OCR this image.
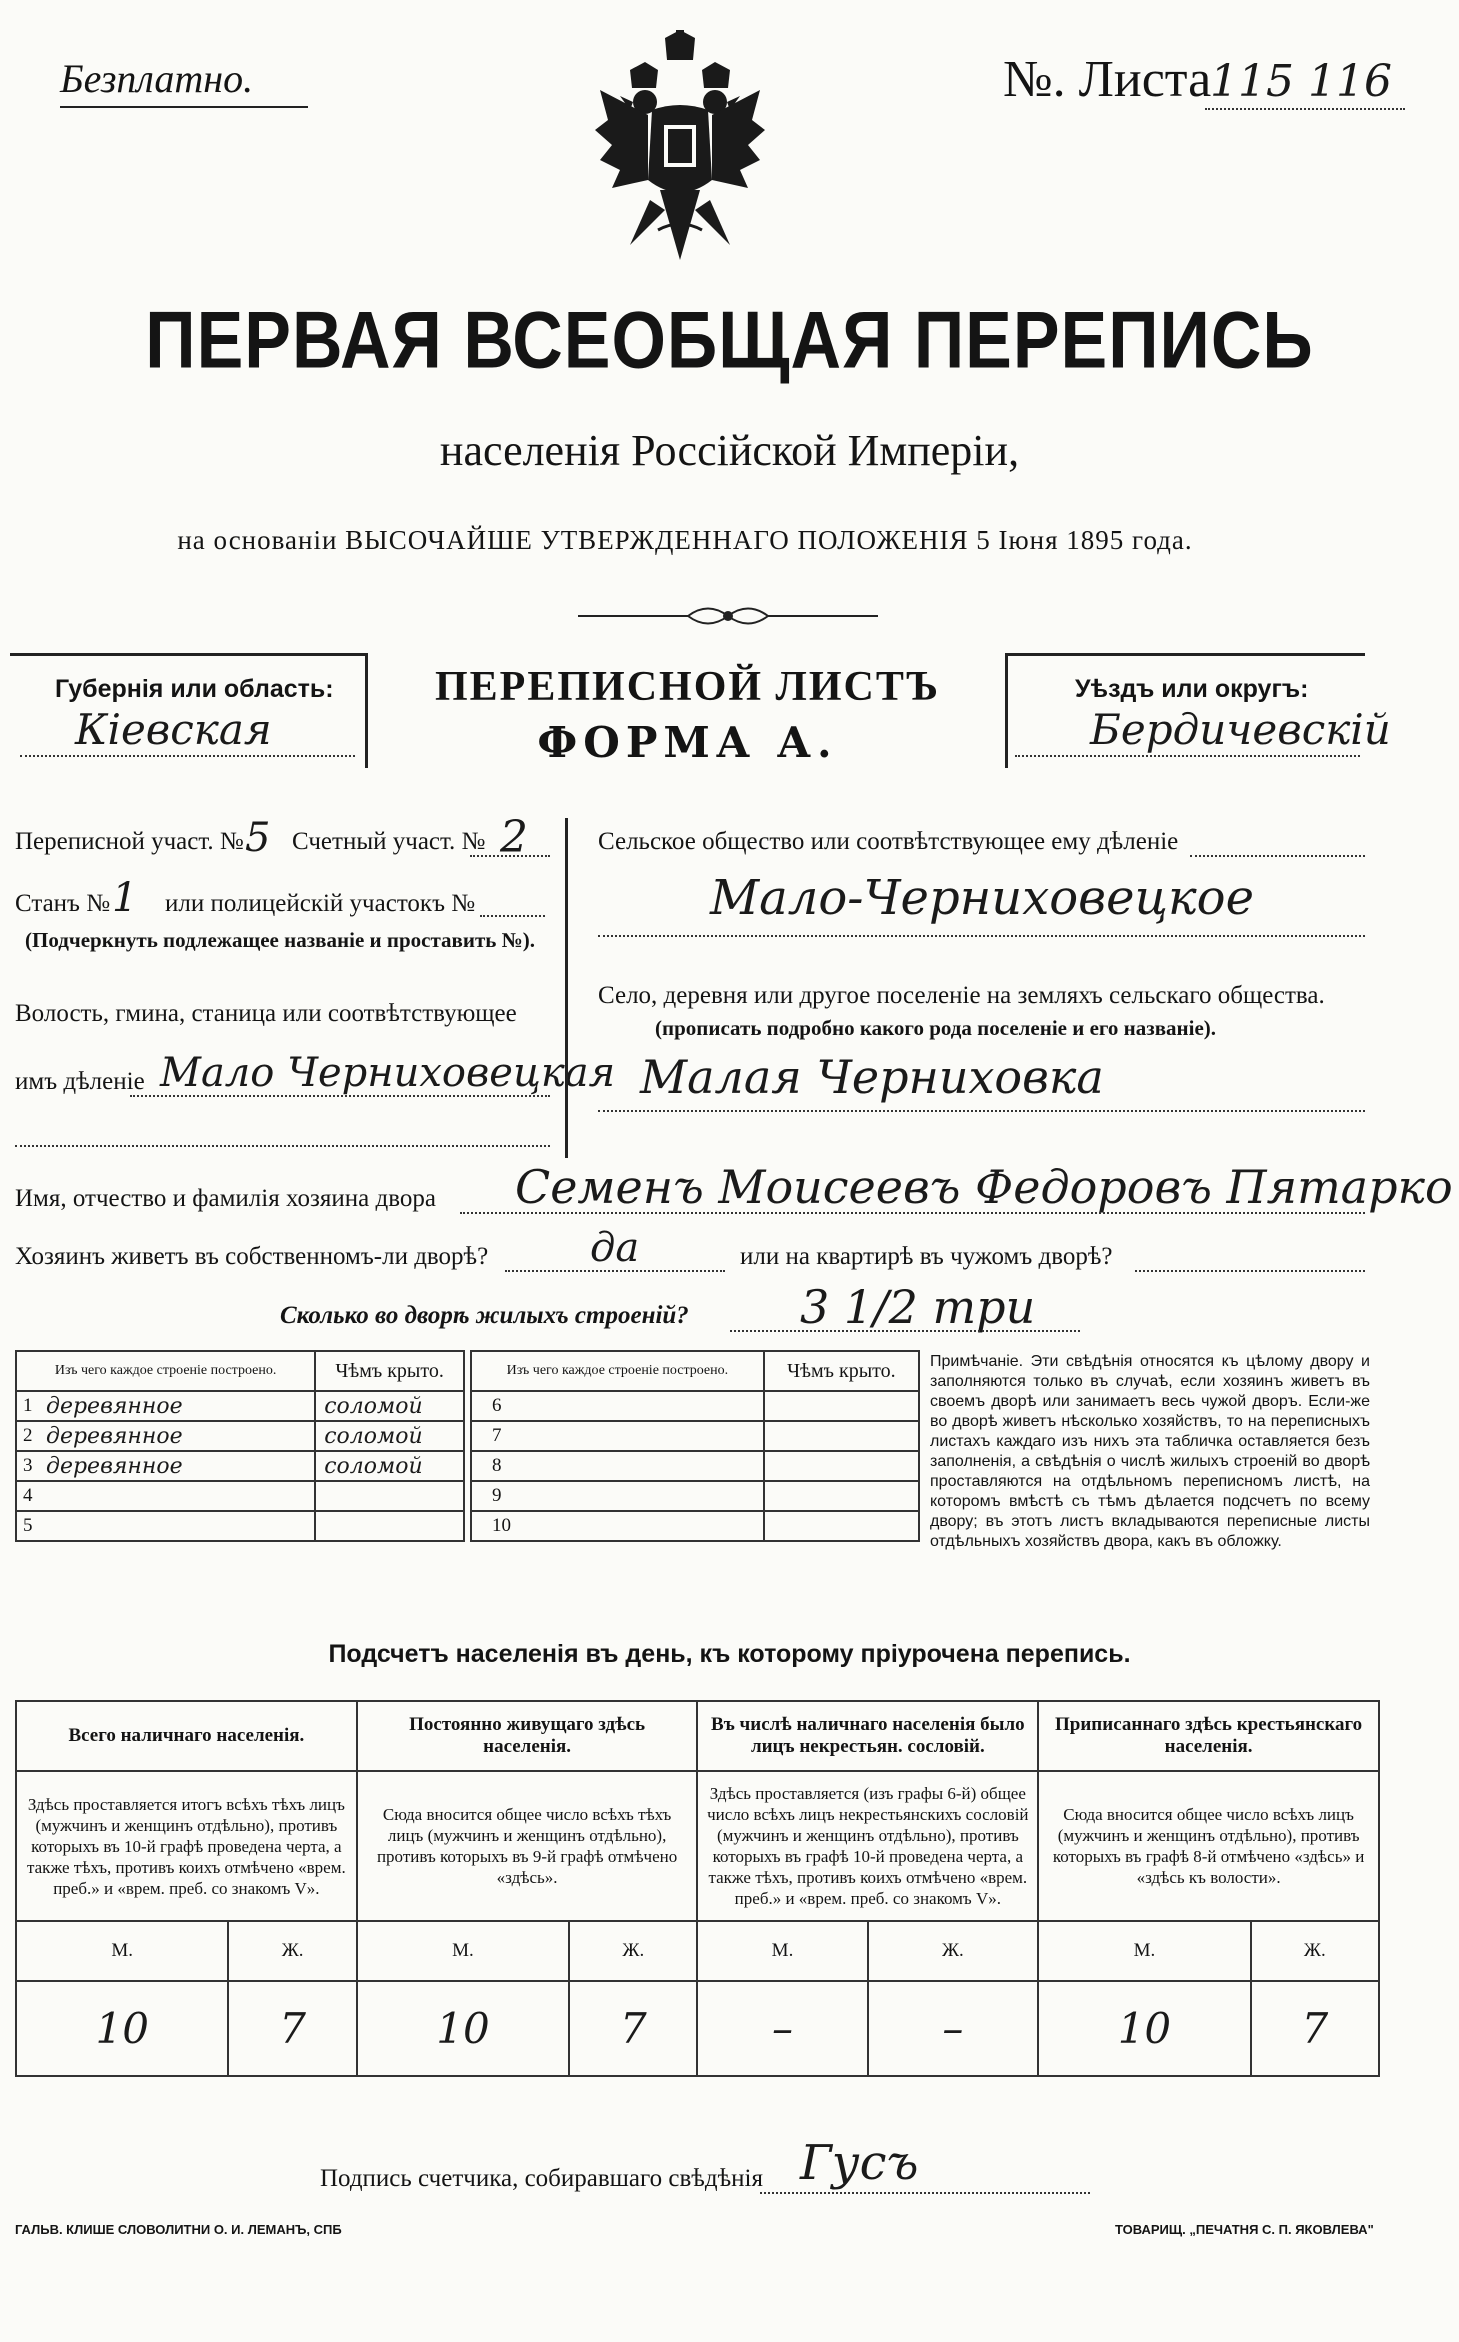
Безплатно.	№. Листа
115 116
ПЕРВАЯ ВСЕОБЩАЯ ПЕРЕПИСЬ
населенія Россійской Имперіи,
на основаніи ВЫСОЧАЙШЕ УТВЕРЖДЕННАГО ПОЛОЖЕНІЯ 5 Іюня 1895 года.
Губернія или область:
Кіевская
ПЕРЕПИСНОЙ ЛИСТЪ
ФОРМА А.
Уѣздъ или округъ:
Бердичевскій
Переписной участ. № 5 Счетный участ. № 2
Станъ № 1 или полицейскій участокъ №
(Подчеркнуть подлежащее названіе и проставить №).
Волость, гмина, станица или соотвѣтствующее
имъ дѣленіе Мало Черниховецкая
Сельское общество или соотвѣтствующее ему дѣленіе
Мало-Черниховецкое
Село, деревня или другое поселеніе на земляхъ сельскаго общества.
(прописать подробно какого рода поселеніе и его названіе).
Малая Черниховка
Имя, отчество и фамилія хозяина двора Семенъ Моисеевъ Федоровъ Пятарко
Хозяинъ живетъ въ собственномъ-ли дворѣ?	да	или на квартирѣ въ чужомъ дворѣ?
Сколько во дворѣ жилыхъ строеній? 3 1/2 три
Изъ чего каждое строеніе построено.		Чѣмъ крыто.
1	деревянное	соломой
2	деревянное	соломой
3	деревянное	соломой
4		
5		
Изъ чего каждое строеніе построено.		Чѣмъ крыто.
6		
7		
8		
9		
10		
Примѣчаніе. Эти свѣдѣнія относятся къ цѣлому двору и заполняются только въ случаѣ, если хозяинъ живетъ въ своемъ дворѣ или занимаетъ весь чужой дворъ. Если-же во дворѣ живетъ нѣсколько хозяйствъ, то на переписныхъ листахъ каждаго изъ нихъ эта табличка оставляется безъ заполненія, а свѣдѣнія о числѣ жилыхъ строеній во дворѣ проставляются на отдѣльномъ переписномъ листѣ, на которомъ вмѣстѣ съ тѣмъ дѣлается подсчетъ по всему двору; въ этотъ листъ вкладываются переписные листы отдѣльныхъ хозяйствъ двора, какъ въ обложку.
Подсчетъ населенія въ день, къ которому пріурочена перепись.
Всего наличнаго населенія.		Постоянно живущаго здѣсь населенія.		Въ числѣ наличнаго населенія было лицъ некрестьян. сословій.		Приписаннаго здѣсь крестьянскаго населенія.	
Здѣсь проставляется итогъ всѣхъ тѣхъ лицъ (мужчинъ и женщинъ отдѣльно), противъ которыхъ въ 10-й графѣ проведена черта, а также тѣхъ, противъ коихъ отмѣчено «врем. преб.» и «врем. преб. со знакомъ V».		Сюда вносится общее число всѣхъ тѣхъ лицъ (мужчинъ и женщинъ отдѣльно), противъ которыхъ въ 9-й графѣ отмѣчено «здѣсь».		Здѣсь проставляется (изъ графы 6-й) общее число всѣхъ лицъ некрестьянскихъ сословій (мужчинъ и женщинъ отдѣльно), противъ которыхъ въ графѣ 10-й проведена черта, а также тѣхъ, противъ коихъ отмѣчено «врем. преб.» и «врем. преб. со знакомъ V».		Сюда вносится общее число всѣхъ лицъ (мужчинъ и женщинъ отдѣльно), противъ которыхъ въ графѣ 8-й отмѣчено «здѣсь» и «здѣсь къ волости».	
М.	Ж.	М.	Ж.	М.	Ж.	М.	Ж.
10	7	10	7	–	–	10	7
Подпись счетчика, собиравшаго свѣдѣнія Гусъ
ГАЛЬВ. КЛИШЕ СЛОВОЛИТНИ О. И. ЛЕМАНЪ, СПБ	ТОВАРИЩ. „ПЕЧАТНЯ С. П. ЯКОВЛЕВА"
